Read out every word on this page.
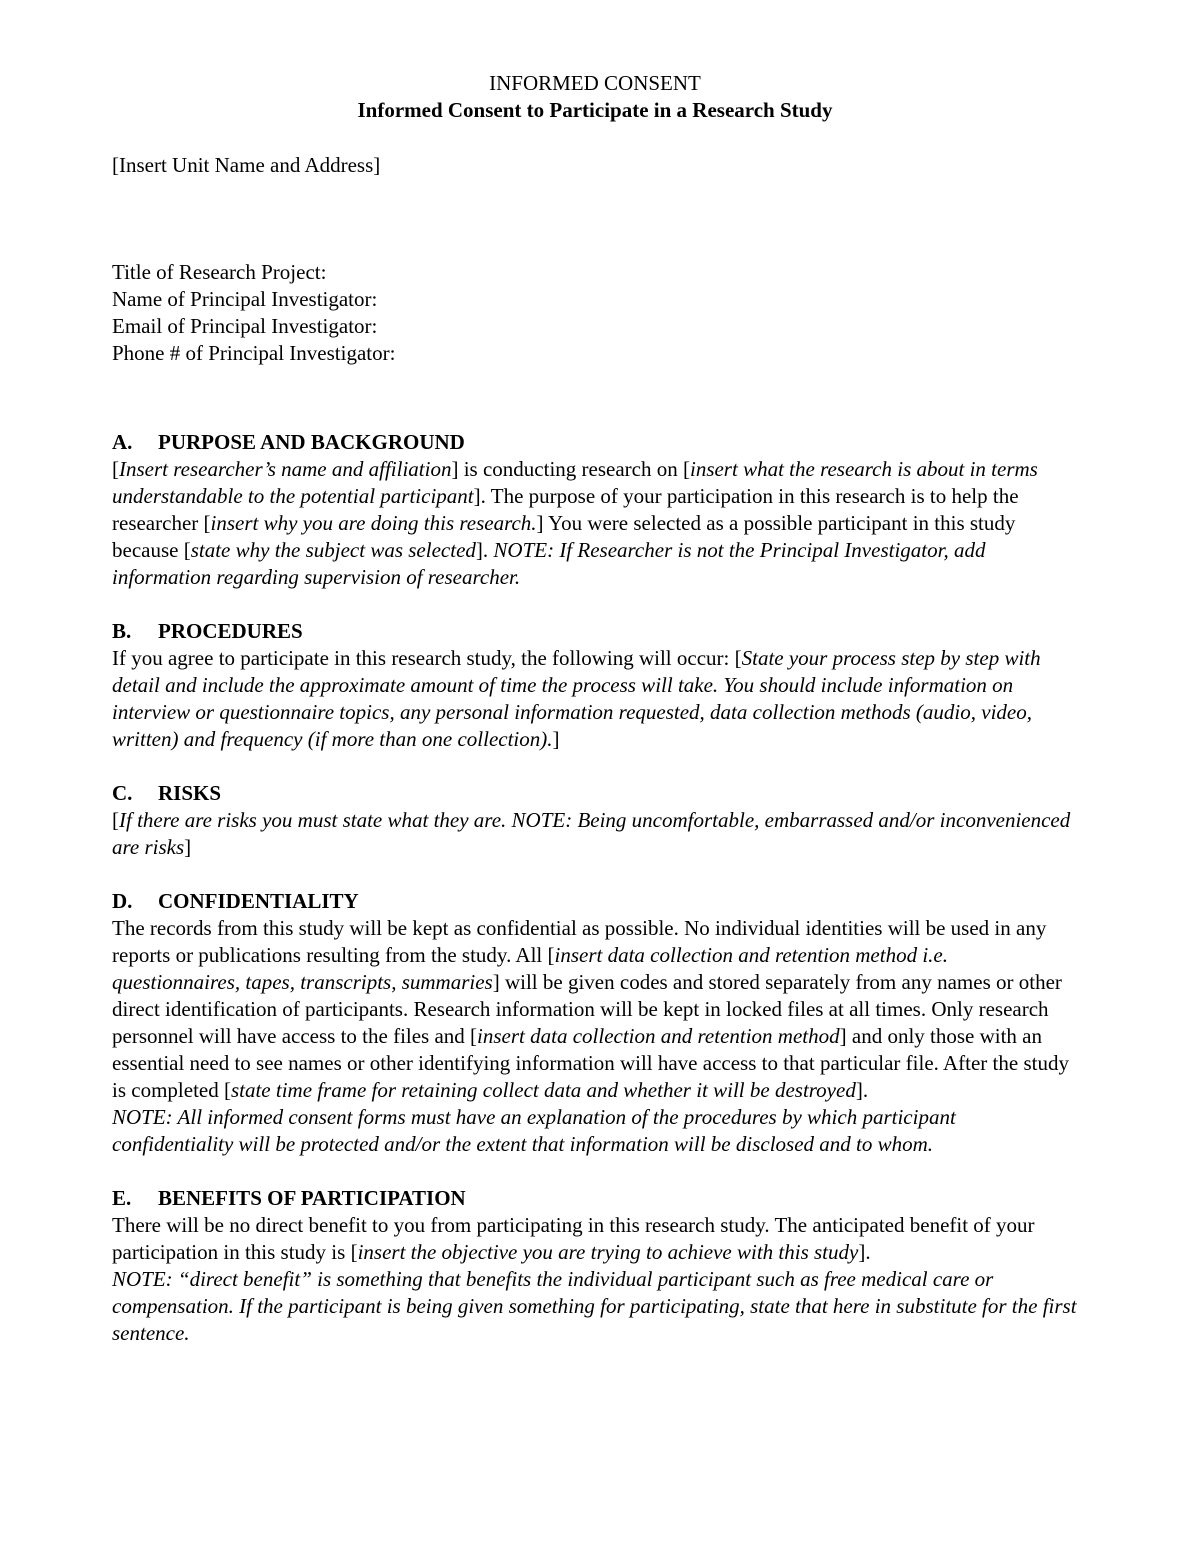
INFORMED CONSENT
Informed Consent to Participate in a Research Study
[Insert Unit Name and Address]
Title of Research Project:
Name of Principal Investigator:
Email of Principal Investigator:
Phone # of Principal Investigator:
A. PURPOSE AND BACKGROUND

[Insert researcher’s name and affiliation] is conducting research on [insert what the research is about in terms understandable to the potential participant]. The purpose of your participation in this research is to help the researcher [insert why you are doing this research.] You were selected as a possible participant in this study because [state why the subject was selected]. NOTE: If Researcher is not the Principal Investigator, add information regarding supervision of researcher.

B. PROCEDURES

If you agree to participate in this research study, the following will occur: [State your process step by step with detail and include the approximate amount of time the process will take. You should include information on interview or questionnaire topics, any personal information requested, data collection methods (audio, video, written) and frequency (if more than one collection).]

C. RISKS

[If there are risks you must state what they are. NOTE: Being uncomfortable, embarrassed and/or inconvenienced are risks]

D. CONFIDENTIALITY

The records from this study will be kept as confidential as possible. No individual identities will be used in any reports or publications resulting from the study. All [insert data collection and retention method i.e. questionnaires, tapes, transcripts, summaries] will be given codes and stored separately from any names or other direct identification of participants. Research information will be kept in locked files at all times. Only research personnel will have access to the files and [insert data collection and retention method] and only those with an essential need to see names or other identifying information will have access to that particular file. After the study is completed [state time frame for retaining collect data and whether it will be destroyed].

NOTE: All informed consent forms must have an explanation of the procedures by which participant confidentiality will be protected and/or the extent that information will be disclosed and to whom.

E. BENEFITS OF PARTICIPATION

There will be no direct benefit to you from participating in this research study. The anticipated benefit of your participation in this study is [insert the objective you are trying to achieve with this study].

NOTE: “direct benefit” is something that benefits the individual participant such as free medical care or compensation. If the participant is being given something for participating, state that here in substitute for the first sentence.
